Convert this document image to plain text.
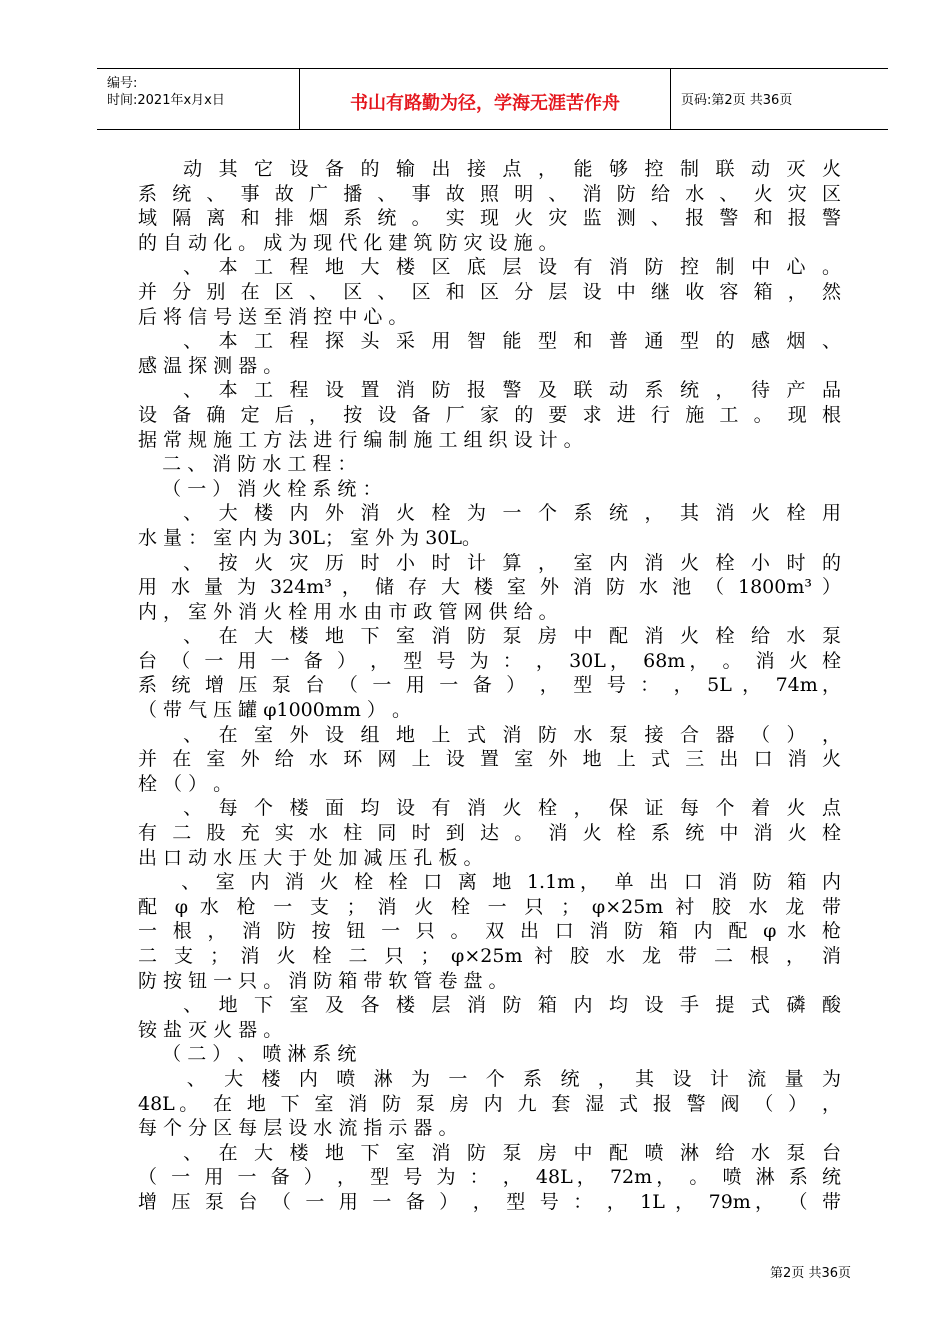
编号:
时间:2021年x月x日	书山有路勤为径，学海无涯苦作舟	页码:第2页 共36页
动 其 它 设 备 的 输 出 接 点 ， 能 够 控 制 联 动 灭 火
系 统 、 事 故 广 播 、 事 故 照 明 、 消 防 给 水 、 火 灾 区
域 隔 离 和 排 烟 系 统 。 实 现 火 灾 监 测 、 报 警 和 报 警
的 自 动 化 。 成 为 现 代 化 建 筑 防 灾 设 施 。
、 本 工 程 地 大 楼 区 底 层 设 有 消 防 控 制 中 心 。
并 分 别 在 区 、 区 、 区 和 区 分 层 设 中 继 收 容 箱 ， 然
后 将 信 号 送 至 消 控 中 心 。
、 本 工 程 探 头 采 用 智 能 型 和 普 通 型 的 感 烟 、
感 温 探 测 器 。
、 本 工 程 设 置 消 防 报 警 及 联 动 系 统 ， 待 产 品
设 备 确 定 后 ， 按 设 备 厂 家 的 要 求 进 行 施 工 。 现 根
据 常 规 施 工 方 法 进 行 编 制 施 工 组 织 设 计 。
二 、 消 防 水 工 程 ：
（ 一 ） 消 火 栓 系 统 ：
、 大 楼 内 外 消 火 栓 为 一 个 系 统 ， 其 消 火 栓 用
水 量 ： 室 内 为 30L； 室 外 为 30L。
、 按 火 灾 历 时 小 时 计 算 ， 室 内 消 火 栓 小 时 的
用 水 量 为 324m³ ， 储 存 大 楼 室 外 消 防 水 池 （ 1800m³ ）
内 ， 室 外 消 火 栓 用 水 由 市 政 管 网 供 给 。
、 在 大 楼 地 下 室 消 防 泵 房 中 配 消 火 栓 给 水 泵
台 （ 一 用 一 备 ） ， 型 号 为 ： ， 30L， 68m， 。 消 火 栓
系 统 增 压 泵 台 （ 一 用 一 备 ） ， 型 号 ： ， 5L ， 74m，
（ 带 气 压 罐 φ1000mm ） 。
、 在 室 外 设 组 地 上 式 消 防 水 泵 接 合 器 （ ） ，
并 在 室 外 给 水 环 网 上 设 置 室 外 地 上 式 三 出 口 消 火
栓 （ ） 。
、 每 个 楼 面 均 设 有 消 火 栓 ， 保 证 每 个 着 火 点
有 二 股 充 实 水 柱 同 时 到 达 。 消 火 栓 系 统 中 消 火 栓
出 口 动 水 压 大 于 处 加 减 压 孔 板 。
、 室 内 消 火 栓 栓 口 离 地 1.1m， 单 出 口 消 防 箱 内
配 φ 水 枪 一 支 ； 消 火 栓 一 只 ； φ×25m 衬 胶 水 龙 带
一 根 ， 消 防 按 钮 一 只 。 双 出 口 消 防 箱 内 配 φ 水 枪
二 支 ； 消 火 栓 二 只 ； φ×25m 衬 胶 水 龙 带 二 根 ， 消
防 按 钮 一 只 。 消 防 箱 带 软 管 卷 盘 。
、 地 下 室 及 各 楼 层 消 防 箱 内 均 设 手 提 式 磷 酸
铵 盐 灭 火 器 。
（ 二 ） 、 喷 淋 系 统
、 大 楼 内 喷 淋 为 一 个 系 统 ， 其 设 计 流 量 为
48L。 在 地 下 室 消 防 泵 房 内 九 套 湿 式 报 警 阀 （ ） ，
每 个 分 区 每 层 设 水 流 指 示 器 。
、 在 大 楼 地 下 室 消 防 泵 房 中 配 喷 淋 给 水 泵 台
（ 一 用 一 备 ） ， 型 号 为 ： ， 48L， 72m， 。 喷 淋 系 统
增 压 泵 台 （ 一 用 一 备 ） ， 型 号 ： ， 1L ， 79m， （ 带
第2页 共36页
